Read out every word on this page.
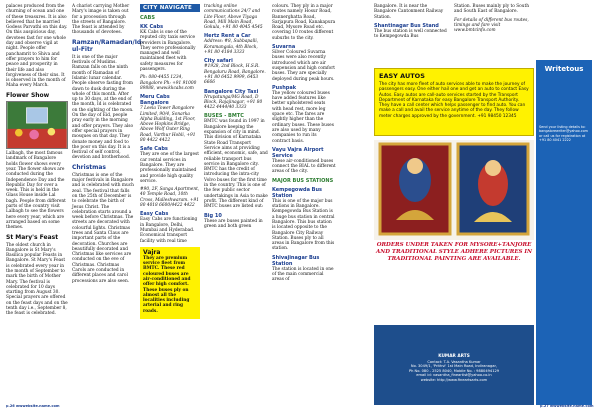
palaces produced from the churning of ocean and one of these treasures. It is also believed that he married Godess Parvathi on this day. On this auspicious day, devotees fast for one whole day and observe vigil at night. People offer panchamrit to Shiva and offer prayers to him for peace and prosperity in their life and also forgiveness of their sins. It is observed in the month of Maha every March.

Flower Show

Lalbagh, the most famous landmark of Bangalore holds flower shows every year. The flower shows are conducted during the Independence Day and the Republic Day for over a week. This is held in the Glass House inside Lal bagh. People from different parts of the country visit Lalbagh to see the flowers here every year, which are arranged based on some themes.

St Mary's Feast

The oldest church in Bangalore is St Mary's Basilica popular Feasts in Bangalore. St Mary's Feast is celebrated every year in the month of September to mark the birth of Mother Mary. The festival is celebrated for 10 days starting from August 30. Special prayers are offered on the feast days and on the tenth day i.e., September 8, the feast is celebrated.

A chariot carrying Mother Mary's image is taken out for a procession through the streets of Bangalore. The feast is attended by thousands of devotees.

Ramzan/Ramadan/Id-ul-Fitr

It is one of the major festivals of Muslims. Ramzan falls on the ninth month of Ramadan of Islamic lunar calendar. People observe fasting from dawn to dusk during the whole of this month. After up to 30 days, at the end of the month, Id is celebrated on the sighting of the moon. On the day of Eid, people pray early in the morning and offer prayers. They also offer special prayers in mosques on that day. They donate money and food to the poor on this day. It is a festival of self control, devotion and brotherhood.

Christmas

Christmas is one of the major festivals in Bangalore and is celebrated with much zeal. The festival that falls on the 25th of December is to celebrate the birth of Jesus Christ. The celebration starts around a week before Christmas. The streets are decorated with colourful lights. Christmas trees and Santa Claus are important parts of the decoration. Churches are beautifully decorated and Christmas like services are conducted on the eve of Christmas. Christmas Carols are conducted in different places and carol processions are also seen.

CITY NAVIGATE
CABS
KK Cabs

KK Cabs is one of the reputed city taxis service providers in Bangalore. They serve professionally managed and well maintained fleet with safety measures for passengers.

Ph: 080-4455 1234, Bangalore Ph: +91 91000 89888, www.kkcabs.com

Meru Cabs Bangalore

7 Leela Tower Bangalore Limited, 90/4, Sonarka Alpha Building, 1st Floor, Above Hopkins Bridge, Above Wolf Outer Ring Road, Varthur Hobli, +91 80 4422 4422

Safe Cabs

They are one of the largest car rental services in Bangalore. They are professionally maintained and provide high quality service.

#90, 2F, Sanga Apartment, 40 Temple Road, 10th Cross, Malleshwaram. +91 80 4018 6600/4422 4422

Easy Cabs

Easy Cabs are functioning in Bangalore, Delhi, Mumbai and Hyderabad. Economical transport facility with real time

Vajra

They are premium service fleet from BMTC. These red coloured buses are air-conditioned and offer high comfort. These buses ply on almost all the localities including arterial and ring roads.

tracking online communications 24/7 and Lite Floor, Above Tiyaga Road, Mill Main Road, Gokula, +91 80 4045 4545

Hertz Rent a Car

Address: #8, Subbapalli, Koramangala, 4th Block, +91 80 4184 3333

City safari

#1928, 2nd Block, H.S.R. Bengaluru Road, Bangalore. +91 80 6452 9999, 6453 6666

Bangalore City Taxi

Nrupatunga/MG Road, D Block, Rajajinagar, +91 80 4422 4444/40 3333

BUSES - BMTC

BMTC was found in 1997 in Bangalore keeping the expansion of city in mind. This division of Karnataka State Road Transport Service aims at providing efficient, economic, safe, and reliable transport bus service in Bangalore city. BMTC has the credit of introducing the intra-city Volvo buses for the first time in the country. This is one of the few public sector undertakings in Asia to make profit. The different kind of BMTC buses are listed out:

Big 10

These are buses painted in green and both green

colours. They ply in a major routes namely Hosur Road, Bannerghatta Road, Sarjapura Road, Kanakapura Road, Mysore Road etc. covering 10 routes different suburbs to the city.

Suvarna

Silver Coloured Suvarna buses were also recently introduced which are air suspension and high comfort buses. They are specially deployed during peak hours.

Pushpak

The yellow coloured buses have added features like better upholstered seats with head rest, more leg space etc. The fares are slightly higher than the ordinary buses. These buses are also used by many companies to run its contract basis.

Vayu Vajra Airport Service

These air-conditioned buses connect the BIAL to different areas of the city.

MAJOR BUS STATIONS
Kempegowda Bus Station

This is one of the major bus stations in Bangalore. Kempegowda Bus Station is a huge bus station in central Bangalore. This bus station is located opposite to the Bangalore City Railway Station. Buses ply to all areas in Bangalore from this station.

Shivajinagar Bus Station

The station is located in one of the main commercial areas of

Bangalore. It is near the Bangalore Cantonment Railway Station.

Shantinagar Bus Stand

The bus station is well connected to Kempegowda Bus

Station. Buses mainly ply to South and South East of Bangalore.

For details of different bus routes, timings and fare visit www.bmtcinfo.com

EASY AUTOS
The city has more fleet of auto services able to make the journey of passengers easy. One either hail one and get an auto to contact Easy Autos. Easy autos are call-auto services started by the Transport Department of Karnataka for easy Bangalore Transport Authority. They have a call center which helps passenger to find auto. You can make a call and avail the service anytime of the day. They follow meter charges approved by the government. +91 98450 12345
ORDERS UNDER TAKEN FOR MYSORE+TANJORE AND TRADITIONAL STYLE ADHERE PICTURES IN TRADITIONAL PAINTING ARE AVAILABLE.
KUMAR ARTS
Contact: T.A. Vasantha Kumar
No. 3049/1, 'Prithvi' 1st Main Road, Indiranagar,
Ph No. 080 - 2525 8040, Mobile No. : 9880494129
email id: vasantha_fineartist@yahoo.co.in
website: http://www.fineartsarts.com
Writetous
Send your listing details to: bangalorewriter@yahoo.com or call us for registration at +91 80 4041 2222
p.26 wwwebsite.name.com	p.27 wwwebsite.name.com
